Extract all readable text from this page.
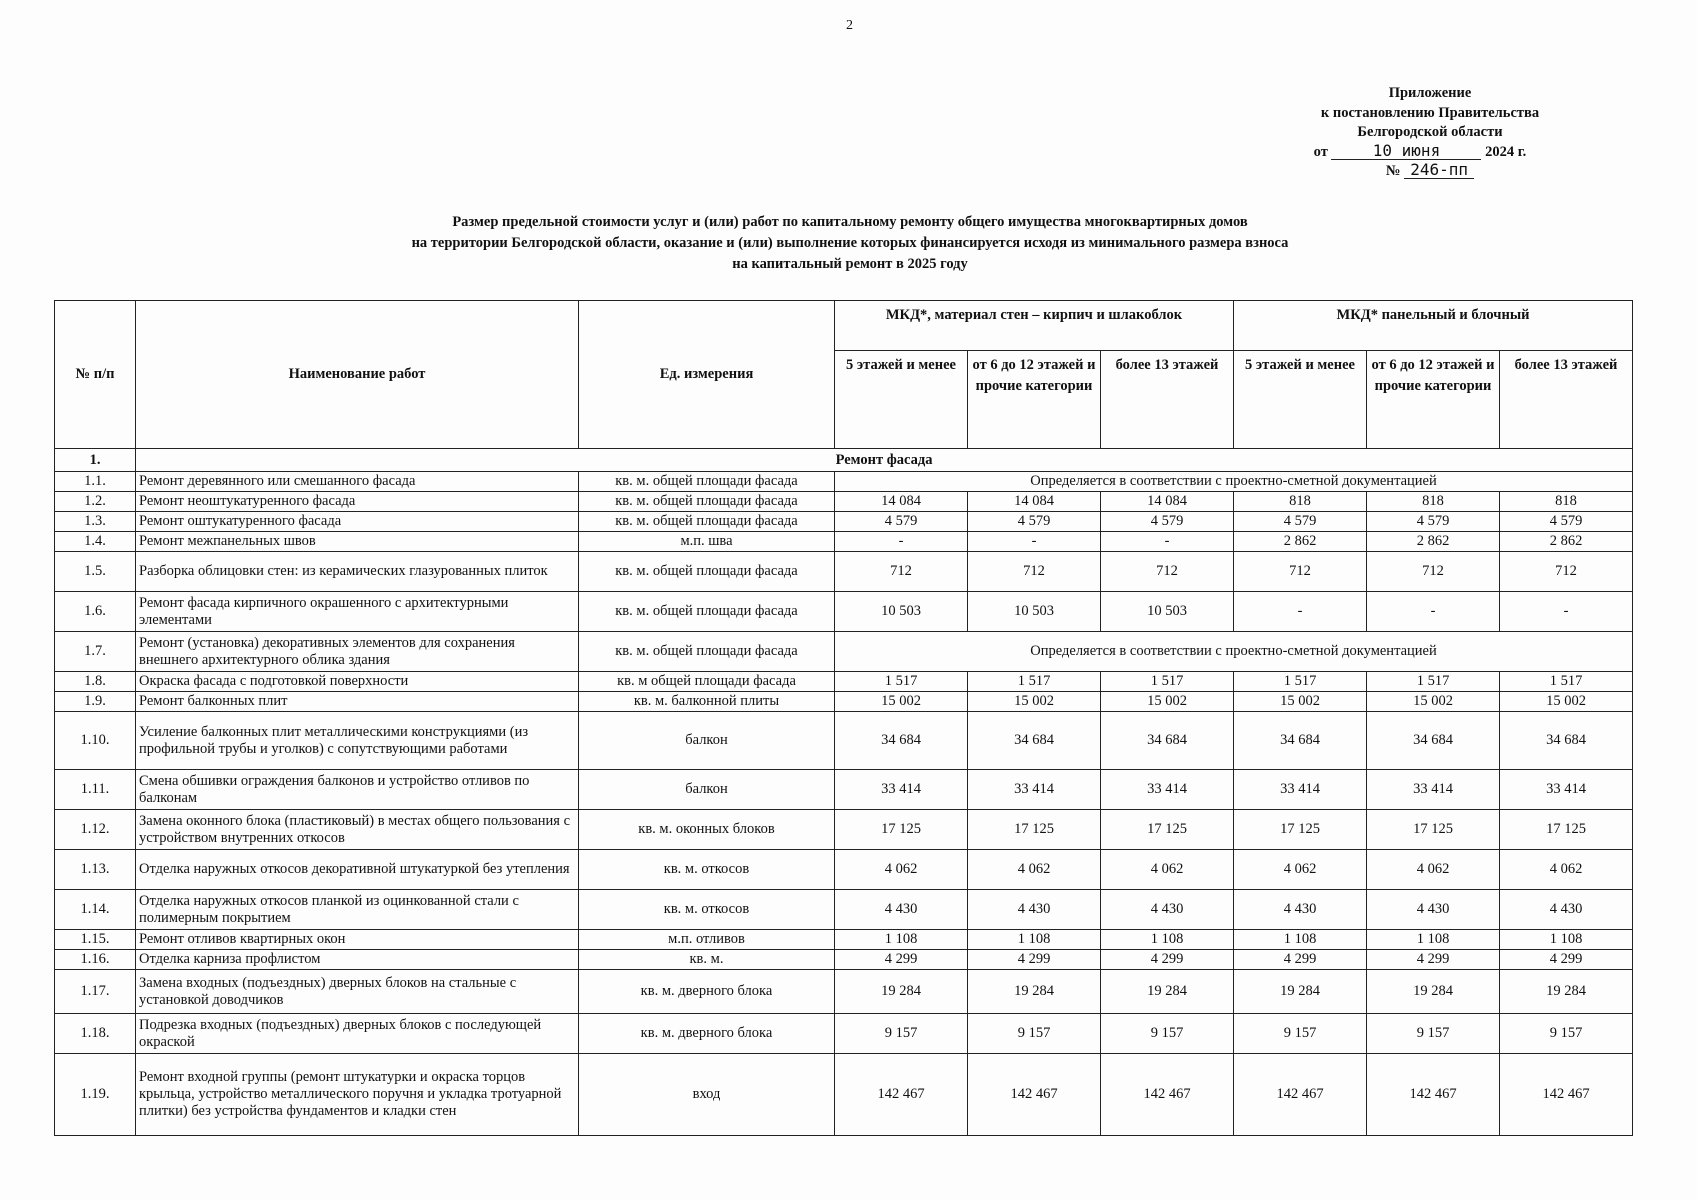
2
Приложение
к постановлению Правительства
Белгородской области
от	10 июня	2024 г.
№ 246-пп
Размер предельной стоимости услуг и (или) работ по капитальному ремонту общего имущества многоквартирных домов
на территории Белгородской области, оказание и (или) выполнение которых финансируется исходя из минимального размера взноса
на капитальный ремонт в 2025 году
№ п/п	Наименование работ	Ед. измерения	МКД*, материал стен – кирпич и шлакоблок			МКД* панельный и блочный		
			5 этажей и менее	от 6 до 12 этажей и прочие категории	более 13 этажей	5 этажей и менее	от 6 до 12 этажей и прочие категории	более 13 этажей
1.	Ремонт фасада							
1.1.	Ремонт деревянного или смешанного фасада	кв. м. общей площади фасада	Определяется в соответствии с проектно-сметной документацией					
1.2.	Ремонт неоштукатуренного фасада	кв. м. общей площади фасада	14 084	14 084	14 084	818	818	818
1.3.	Ремонт оштукатуренного фасада	кв. м. общей площади фасада	4 579	4 579	4 579	4 579	4 579	4 579
1.4.	Ремонт межпанельных швов	м.п. шва	-	-	-	2 862	2 862	2 862
1.5.	Разборка облицовки стен: из керамических глазурованных плиток	кв. м. общей площади фасада	712	712	712	712	712	712
1.6.	Ремонт фасада кирпичного окрашенного с архитектурными элементами	кв. м. общей площади фасада	10 503	10 503	10 503	-	-	-
1.7.	Ремонт (установка) декоративных элементов для сохранения внешнего архитектурного облика здания	кв. м. общей площади фасада	Определяется в соответствии с проектно-сметной документацией					
1.8.	Окраска фасада с подготовкой поверхности	кв. м общей площади фасада	1 517	1 517	1 517	1 517	1 517	1 517
1.9.	Ремонт балконных плит	кв. м. балконной плиты	15 002	15 002	15 002	15 002	15 002	15 002
1.10.	Усиление балконных плит металлическими конструкциями (из профильной трубы и уголков) с сопутствующими работами	балкон	34 684	34 684	34 684	34 684	34 684	34 684
1.11.	Смена обшивки ограждения балконов и устройство отливов по балконам	балкон	33 414	33 414	33 414	33 414	33 414	33 414
1.12.	Замена оконного блока (пластиковый) в местах общего пользования с устройством внутренних откосов	кв. м. оконных блоков	17 125	17 125	17 125	17 125	17 125	17 125
1.13.	Отделка наружных откосов декоративной штукатуркой без утепления	кв. м. откосов	4 062	4 062	4 062	4 062	4 062	4 062
1.14.	Отделка наружных откосов планкой из оцинкованной стали с полимерным покрытием	кв. м. откосов	4 430	4 430	4 430	4 430	4 430	4 430
1.15.	Ремонт отливов квартирных окон	м.п. отливов	1 108	1 108	1 108	1 108	1 108	1 108
1.16.	Отделка карниза профлистом	кв. м.	4 299	4 299	4 299	4 299	4 299	4 299
1.17.	Замена входных (подъездных) дверных блоков на стальные с установкой доводчиков	кв. м. дверного блока	19 284	19 284	19 284	19 284	19 284	19 284
1.18.	Подрезка входных (подъездных) дверных блоков с последующей окраской	кв. м. дверного блока	9 157	9 157	9 157	9 157	9 157	9 157
1.19.	Ремонт входной группы (ремонт штукатурки и окраска торцов крыльца, устройство металлического поручня и укладка тротуарной плитки) без устройства фундаментов и кладки стен	вход	142 467	142 467	142 467	142 467	142 467	142 467
